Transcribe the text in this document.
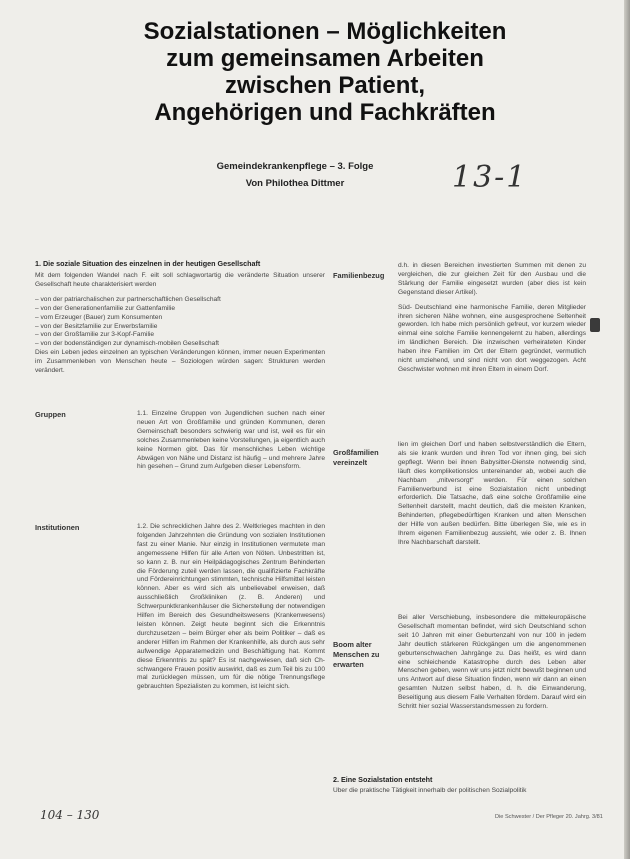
Sozialstationen – Möglichkeiten
zum gemeinsamen Arbeiten
zwischen Patient,
Angehörigen und Fachkräften
Gemeindekrankenpflege – 3. Folge
Von Philothea Dittmer	13-1
1. Die soziale Situation des einzelnen in der heutigen Gesellschaft

Mit dem folgenden Wandel nach F. eilt soll schlagwortartig die veränderte Situation unserer Gesellschaft heute charakterisiert werden

– von der patriarchalischen zur partnerschaftlichen Gesellschaft
– von der Generationenfamilie zur Gattenfamilie
– vom Erzeuger (Bauer) zum Konsumenten
– von der Besitzfamilie zur Erwerbsfamilie
– von der Großfamilie zur 3-Kopf-Familie
– von der bodenständigen zur dynamisch-mobilen Gesellschaft

Dies ein Leben jedes einzelnen an typischen Veränderungen können, immer neuen Experimenten im Zusammenleben von Menschen heute – Soziologen würden sagen: Strukturen werden verändert.

Gruppen	1.1. Einzelne Gruppen von Jugendlichen suchen nach einer neuen Art von Großfamilie und gründen Kommunen, deren Gemeinschaft besonders schwierig war und ist, weil es für ein solches Zusammenleben keine Vorstellungen, ja eigentlich auch keine Normen gibt. Das für menschliches Leben wichtige Abwägen von Nähe und Distanz ist häufig – und mehrere Jahre hin gesehen – Grund zum Aufgeben dieser Lebensform.
Institutionen	1.2. Die schrecklichen Jahre des 2. Weltkrieges machten in den folgenden Jahrzehnten die Gründung von sozialen Institutionen fast zu einer Manie. Nur einzig in Institutionen vermutete man angemessene Hilfen für alle Arten von Nöten. Unbestritten ist, so kann z. B. nur ein Heilpädagogisches Zentrum Behinderten die Förderung zuteil werden lassen, die qualifizierte Fachkräfte und Fördereinrichtungen stimmten, technische Hilfsmittel leisten können. Aber es wird sich als unbelievabel erweisen, daß ausschließlich Großkliniken (z. B. Anderen) und Schwerpunktkrankenhäuser die Sicherstellung der notwendigen Hilfen im Bereich des Gesundheitswesens (Krankenwesens) leisten können. Zeigt heute beginnt sich die Erkenntnis durchzusetzen – beim Bürger eher als beim Politiker – daß es anderer Hilfen im Rahmen der Krankenhilfe, als durch aus sehr aufwendige Apparatemedizin und Beschäftigung hat. Kommt diese Erkenntnis zu spät? Es ist nachgewiesen, daß sich Ch-schwangere Frauen positiv auswirkt, daß es zum Teil bis zu 100 mal zurücklegen müssen, um für die nötige Trennungsflege gebrauchten Spezialisten zu kommen, ist leicht sich.
Familienbezug

d.h. in diesen Bereichen investierten Summen mit denen zu vergleichen, die zur gleichen Zeit für den Ausbau und die Stärkung der Familie eingesetzt wurden (aber dies ist kein Gegenstand dieser Artikel).

Süd- Deutschland eine harmonische Familie, deren Mitglieder ihren sicheren Nähe wohnen, eine ausgesprochene Seltenheit geworden. Ich habe mich persönlich gefreut, vor kurzem wieder einmal eine solche Familie kennengelernt zu haben, allerdings im ländlichen Bereich. Die inzwischen verheirateten Kinder haben ihre Familien im Ort der Eltern gegründet, vermutlich nicht umziehend, und sind nicht von dort weggezogen. Acht Geschwister wohnen mit ihren Eltern in einem Dorf.

Großfamilien vereinzelt
lien im gleichen Dorf und haben selbstverständlich die Eltern, als sie krank wurden und ihren Tod vor ihnen ging, bei sich gepflegt. Wenn bei ihnen Babysitter-Dienste notwendig sind, läuft dies kompliketionslos untereinander ab, wobei auch die Nachbarn „mitversorgt“ werden. Für einen solchen Familienverbund ist eine Sozialstation nicht unbedingt erforderlich. Die Tatsache, daß eine solche Großfamilie eine Seltenheit darstellt, macht deutlich, daß die meisten Kranken, Behinderten, pflegebedürftigen Kranken und alten Menschen der Hilfe von außen bedürfen. Bitte überlegen Sie, wie es in Ihrem eigenen Familienbezug aussieht, wie oder z. B. Ihnen Ihre Nachbarschaft darstellt.
Boom alter Menschen zu erwarten
Bei aller Verschiebung, insbesondere die mitteleuropäische Gesellschaft momentan befindet, wird sich Deutschland schon seit 10 Jahren mit einer Geburtenzahl von nur 100 in jedem Jahr deutlich stärkeren Rückgängen um die angenommenen geburtenschwachen Jahrgänge zu. Das heißt, es wird dann eine schleichende Katastrophe durch des Leben alter Menschen geben, wenn wir uns jetzt nicht bewußt beginnen und uns Antwort auf diese Situation finden, wenn wir dann an einen gesamten Nutzen selbst haben, d. h. die Einwanderung, Beseitigung aus diesem Falle Verhalten fördern. Darauf wird ein Schritt hier sozial Wasserstandsmessen zu fordern.
2. Eine Sozialstation entsteht
Über die praktische Tätigkeit innerhalb der politischen Sozialpolitik
104 – 130	Die Schwester / Der Pfleger 20. Jahrg. 3/81
